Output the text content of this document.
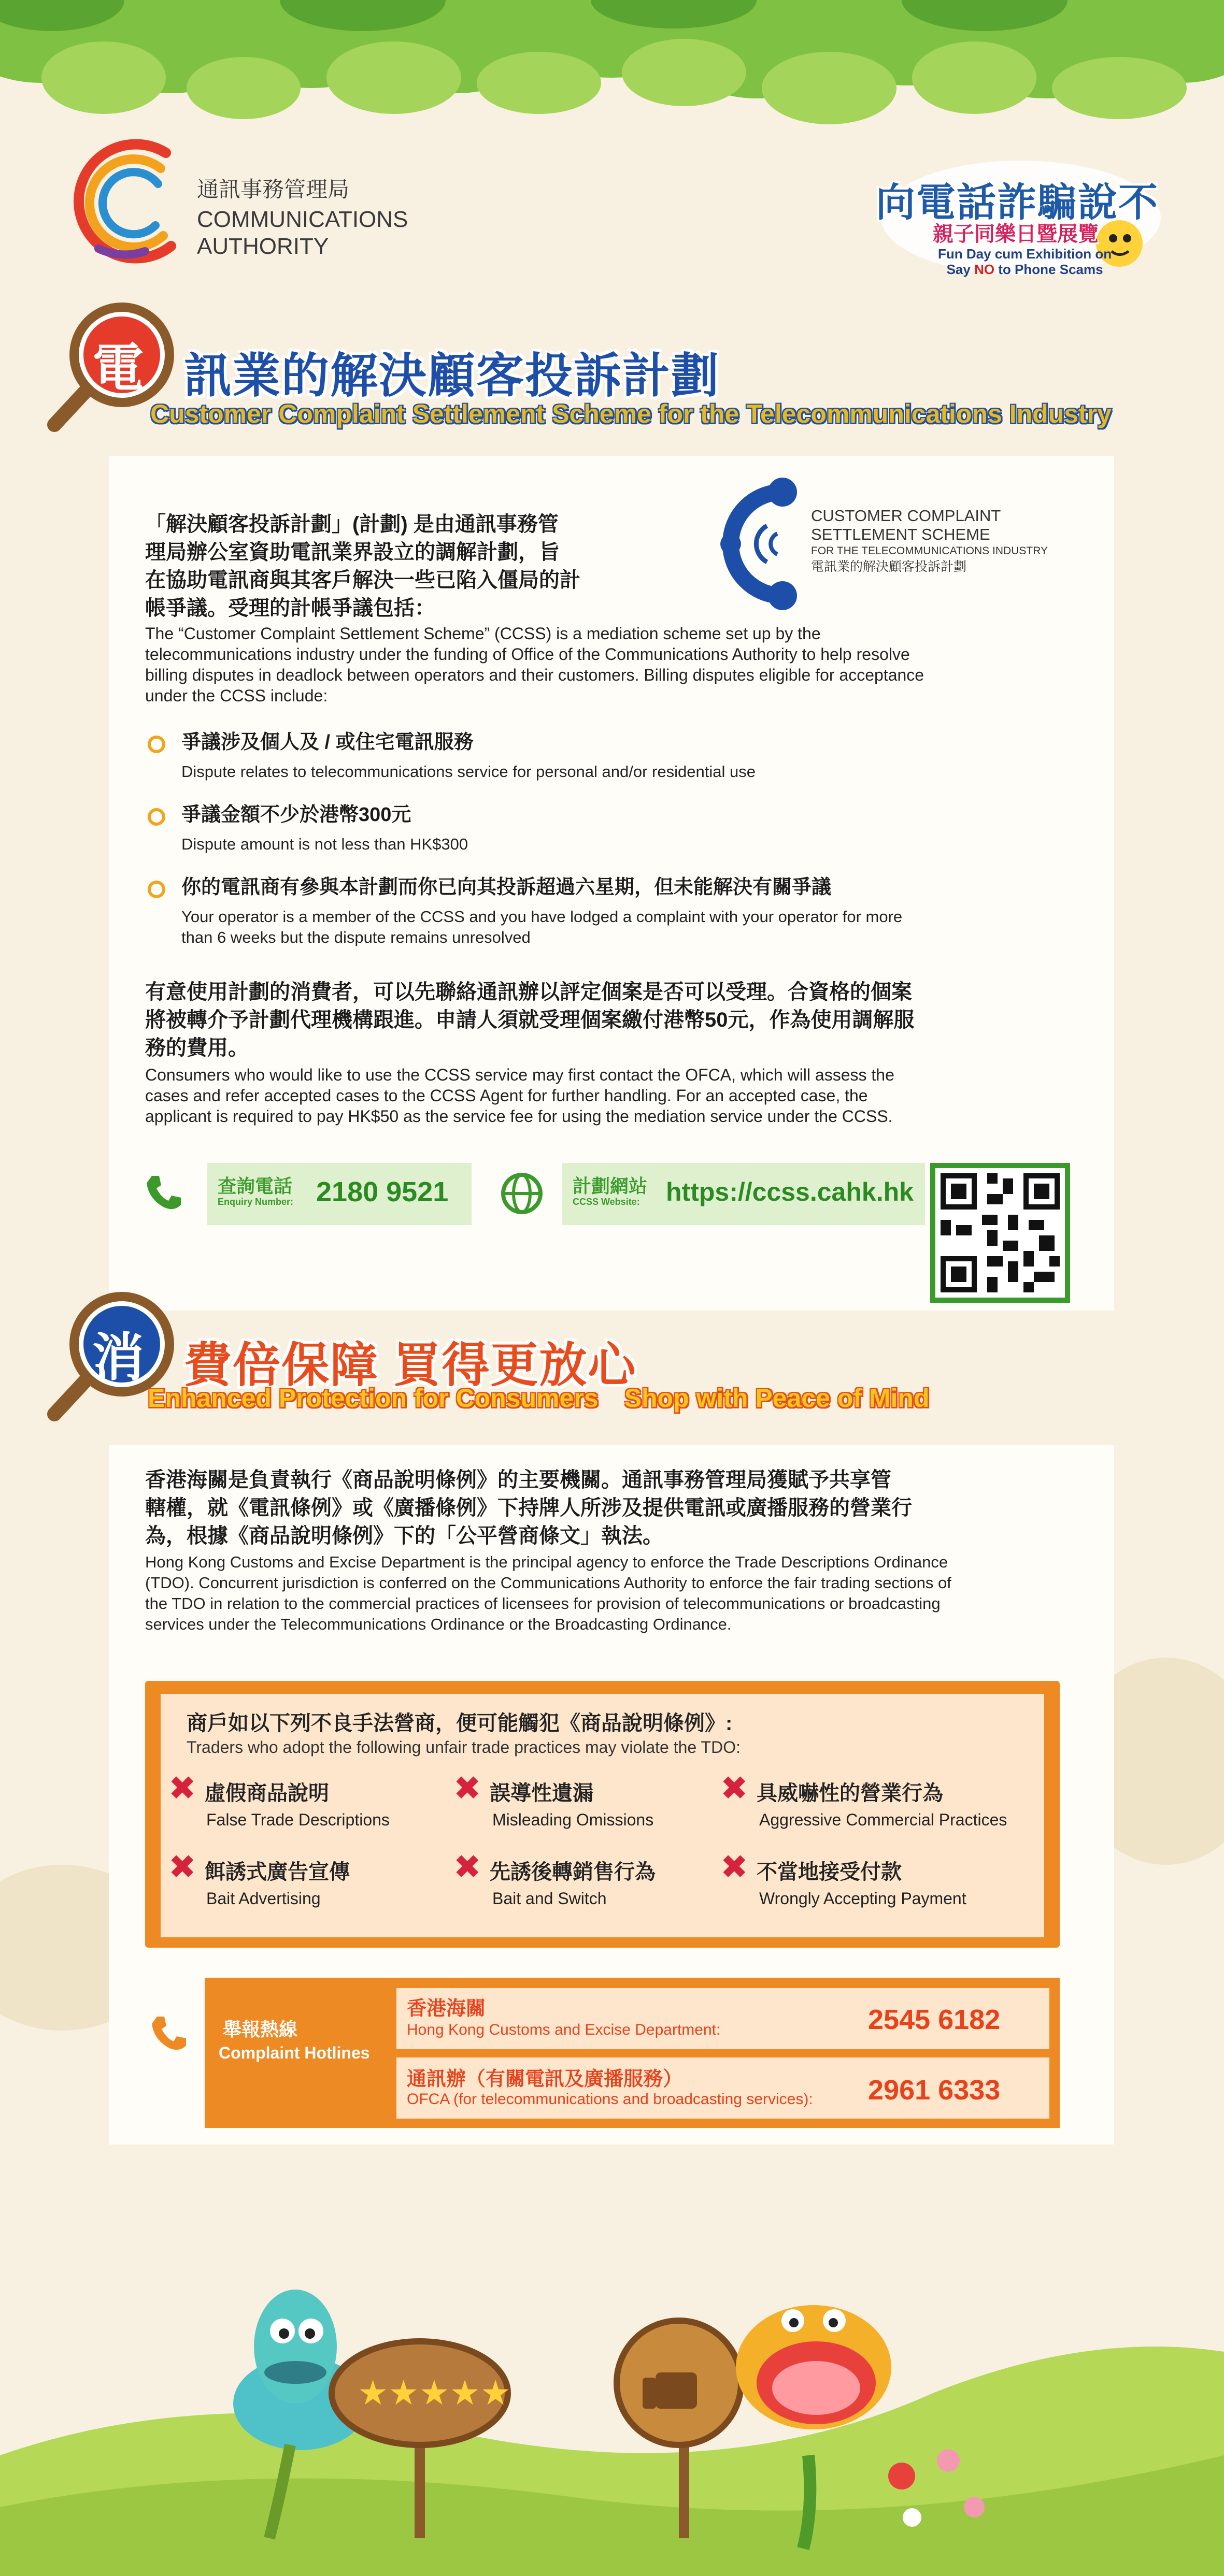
通訊事務管理局
COMMUNICATIONS
AUTHORITY
向電話詐騙說不
親子同樂日暨展覽
Fun Day cum Exhibition on
Say NO to Phone Scams
電 訊業的解決顧客投訴計劃
Customer Complaint Settlement Scheme for the Telecommunications Industry
CUSTOMER COMPLAINT
SETTLEMENT SCHEME
FOR THE TELECOMMUNICATIONS INDUSTRY
電訊業的解決顧客投訴計劃
「解決顧客投訴計劃」(計劃) 是由通訊事務管
理局辦公室資助電訊業界設立的調解計劃，旨
在協助電訊商與其客戶解決一些已陷入僵局的計
帳爭議。受理的計帳爭議包括：
The “Customer Complaint Settlement Scheme” (CCSS) is a mediation scheme set up by the
telecommunications industry under the funding of Office of the Communications Authority to help resolve
billing disputes in deadlock between operators and their customers. Billing disputes eligible for acceptance
under the CCSS include:
爭議涉及個人及 / 或住宅電訊服務
Dispute relates to telecommunications service for personal and/or residential use
爭議金額不少於港幣300元
Dispute amount is not less than HK$300
你的電訊商有參與本計劃而你已向其投訴超過六星期，但未能解決有關爭議
Your operator is a member of the CCSS and you have lodged a complaint with your operator for more
than 6 weeks but the dispute remains unresolved
有意使用計劃的消費者，可以先聯絡通訊辦以評定個案是否可以受理。合資格的個案
將被轉介予計劃代理機構跟進。申請人須就受理個案繳付港幣50元，作為使用調解服
務的費用。
Consumers who would like to use the CCSS service may first contact the OFCA, which will assess the
cases and refer accepted cases to the CCSS Agent for further handling. For an accepted case, the
applicant is required to pay HK$50 as the service fee for using the mediation service under the CCSS.
查詢電話
Enquiry Number: 2180 9521	計劃網站
CCSS Website: https://ccss.cahk.hk
消 費倍保障 買得更放心
Enhanced Protection for Consumers Shop with Peace of Mind
香港海關是負責執行《商品說明條例》的主要機關。通訊事務管理局獲賦予共享管
轄權，就《電訊條例》或《廣播條例》下持牌人所涉及提供電訊或廣播服務的營業行
為，根據《商品說明條例》下的「公平營商條文」執法。
Hong Kong Customs and Excise Department is the principal agency to enforce the Trade Descriptions Ordinance
(TDO). Concurrent jurisdiction is conferred on the Communications Authority to enforce the fair trading sections of
the TDO in relation to the commercial practices of licensees for provision of telecommunications or broadcasting
services under the Telecommunications Ordinance or the Broadcasting Ordinance.
商戶如以下列不良手法營商，便可能觸犯《商品說明條例》:
Traders who adopt the following unfair trade practices may violate the TDO:
✖ 虛假商品說明
False Trade Descriptions
✖ 誤導性遺漏
Misleading Omissions
✖ 具威嚇性的營業行為
Aggressive Commercial Practices
✖ 餌誘式廣告宣傳
Bait Advertising
✖ 先誘後轉銷售行為
Bait and Switch
✖ 不當地接受付款
Wrongly Accepting Payment
舉報熱線
Complaint Hotlines
香港海關
Hong Kong Customs and Excise Department:	2545 6182
通訊辦（有關電訊及廣播服務）
OFCA (for telecommunications and broadcasting services): 2961 6333
★★★★★
